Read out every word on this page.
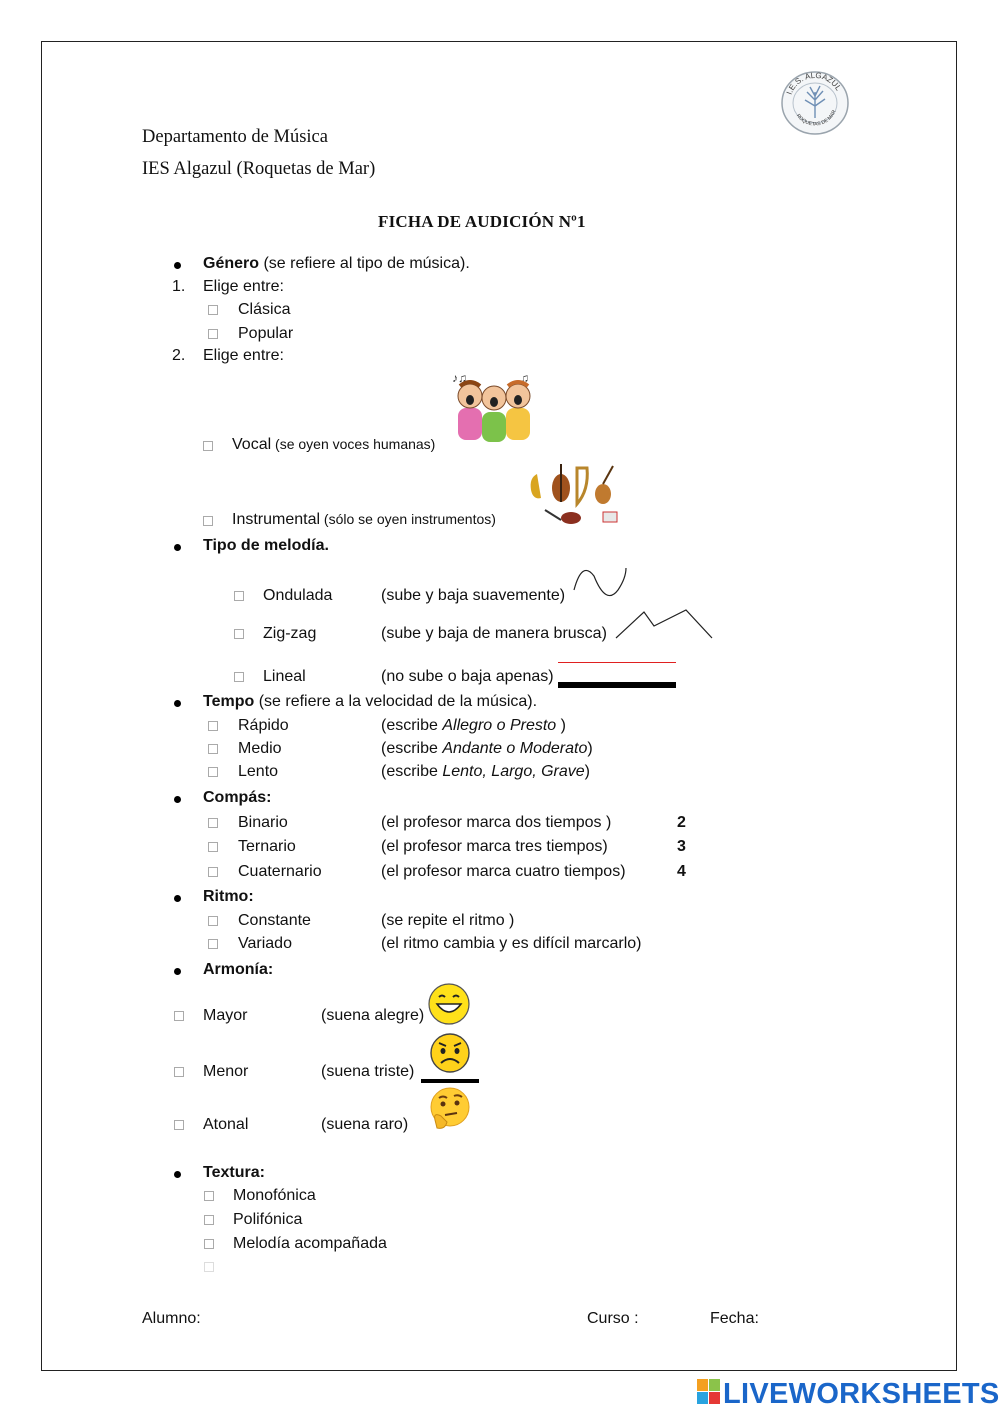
I.E.S. ALGAZUL
ROQUETAS DE MAR
Departamento de Música
IES Algazul (Roquetas de Mar)
FICHA DE AUDICIÓN Nº1
Género (se refiere al tipo de música).
1. Elige entre:
Clásica
Popular
2. Elige entre:
♪♫	♫
Vocal (se oyen voces humanas)
Instrumental (sólo se oyen instrumentos)
Tipo de melodía.
Ondulada	(sube y baja suavemente)
Zig-zag	(sube y baja de manera brusca)
Lineal	(no sube o baja apenas)
Tempo (se refiere a la velocidad de la música).
Rápido	(escribe Allegro o Presto )
Medio	(escribe Andante o Moderato)
Lento	(escribe Lento, Largo, Grave)
Compás:
Binario	(el profesor marca dos tiempos )	2
Ternario	(el profesor marca tres tiempos)	3
Cuaternario	(el profesor marca cuatro tiempos)	4
Ritmo:
Constante	(se repite el ritmo )
Variado	(el ritmo cambia y es difícil marcarlo)
Armonía:
Mayor	(suena alegre)
Menor	(suena triste)
Atonal	(suena raro)
Textura:
Monofónica
Polifónica
Melodía acompañada
Alumno:	Curso :	Fecha:
LIVEWORKSHEETS
